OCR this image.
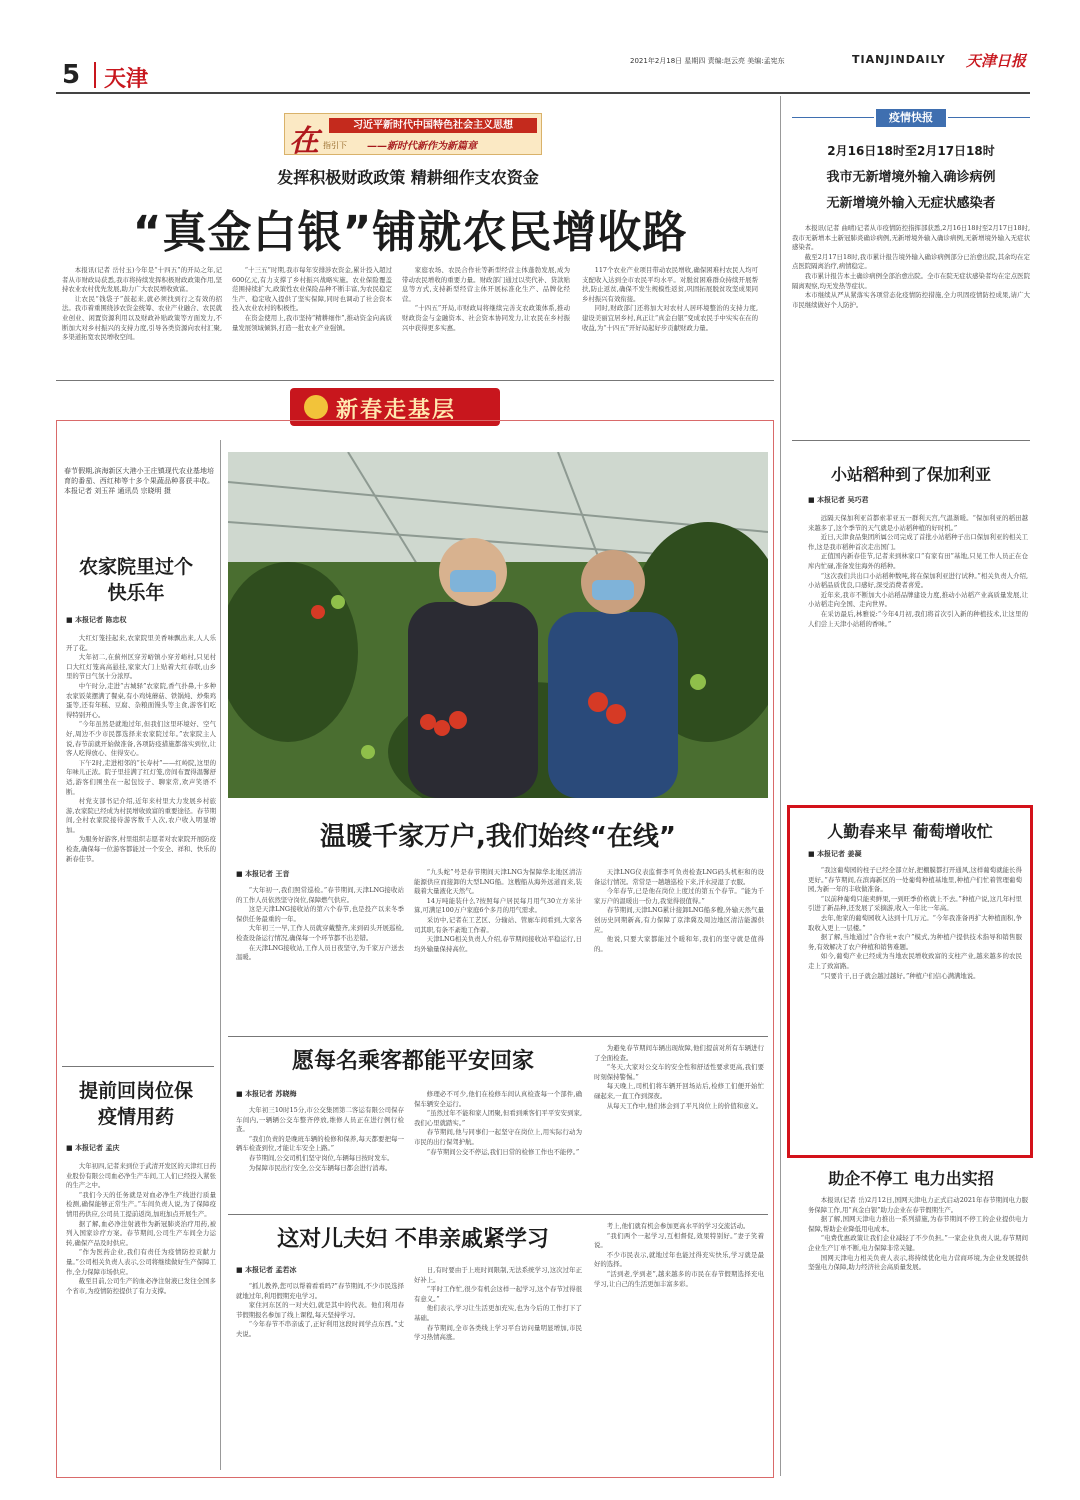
5 天津
2021年2月18日 星期四 责编:赵云亮 美编:孟宪东	TIANJINDAILY 天津日报
在 指引下
习近平新时代中国特色社会主义思想
——新时代新作为新篇章
发挥积极财政政策 精耕细作支农资金
“真金白银”铺就农民增收路

本报讯(记者 岳付玉)今年是“十四五”的开局之年,记者从市财政局获悉,我市将持续发挥积极财政政策作用,坚持农业农村优先发展,助力广大农民增收致富。

让农民“钱袋子”鼓起来,就必须找到行之有效的招法。我市着重围绕涉农资金统筹、农业产业融合、农民就业创业、闲置资源利用以及财政补贴政策等方面发力,不断加大对乡村振兴的支持力度,引导各类资源向农村汇聚,多渠道拓宽农民增收空间。

“十三五”时期,我市每年安排涉农资金,累计投入超过600亿元,有力支撑了乡村振兴战略实施。农业保险覆盖范围持续扩大,政策性农业保险品种不断丰富,为农民稳定生产、稳定收入提供了坚实保障,同时也调动了社会资本投入农业农村的积极性。

在资金使用上,我市坚持“精耕细作”,推动资金向高质量发展领域倾斜,打造一批农业产业强镇。

家庭农场、农民合作社等新型经营主体蓬勃发展,成为带动农民增收的重要力量。财政部门通过以奖代补、贷款贴息等方式,支持新型经营主体开展标准化生产、品牌化经营。

“十四五”开局,市财政局将继续完善支农政策体系,推动财政资金与金融资本、社会资本协同发力,让农民在乡村振兴中获得更多实惠。

117个农业产业项目带动农民增收,确保困难村农民人均可支配收入达到全市农民平均水平。对脱贫困难群众持续开展帮扶,防止返贫,确保不发生规模性返贫,巩固拓展脱贫攻坚成果同乡村振兴有效衔接。

同时,财政部门还将加大对农村人居环境整治的支持力度,建设美丽宜居乡村,真正让“真金白银”变成农民手中实实在在的收益,为“十四五”开好局起好步贡献财政力量。

疫情快报
2月16日18时至2月17日18时
我市无新增境外输入确诊病例
无新增境外输入无症状感染者

本报讯(记者 曲晴)记者从市疫情防控指挥部获悉,2月16日18时至2月17日18时,我市无新增本土新冠肺炎确诊病例,无新增境外输入确诊病例,无新增境外输入无症状感染者。

截至2月17日18时,我市累计报告境外输入确诊病例部分已治愈出院,其余均在定点医院隔离治疗,病情稳定。

我市累计报告本土确诊病例全部治愈出院。全市在院无症状感染者均在定点医院隔离观察,均无发热等症状。

本市继续从严从紧落实各项常态化疫情防控措施,全力巩固疫情防控成果,请广大市民继续做好个人防护。

小站稻种到了保加利亚
■ 本报记者 吴巧君

远隔天保加利亚首都索菲亚五一群利天宫,气温渐暖。“保加利亚的稻田越来越多了,这个季节的天气就是小站稻种植的好时机。”

近日,天津食品集团所属公司完成了首批小站稻种子出口保加利亚的相关工作,这是我市稻种首次走出国门。

正值国内新春佳节,记者来到林家口“有家有田”基地,只见工作人员正在仓库内忙碌,准备发往海外的稻种。

“这次我们共出口小站稻种数吨,将在保加利亚进行试种。”相关负责人介绍,小站稻品质优良,口感好,深受消费者喜爱。

近年来,我市不断加大小站稻品牌建设力度,推动小站稻产业高质量发展,让小站稻走向全国、走向世界。

在采访最后,林雅说:“今年4月初,我们将首次引入新的种植技术,让这里的人们尝上天津小站稻的香味。”

人勤春来早 葡萄增收忙
■ 本报记者 姜凝

“我这葡萄园的柱子已经全部立好,把棚膜都打开通风,这样葡萄就能长得更好。”春节期间,在滨海新区的一处葡萄种植基地里,种植户们忙着管理葡萄园,为新一年的丰收做准备。

“以前种葡萄只能卖鲜果,一到旺季价格就上不去。”种植户说,这几年村里引进了新品种,还发展了采摘游,收入一年比一年高。

去年,他家的葡萄园收入达到十几万元。“今年我准备再扩大种植面积,争取收入更上一层楼。”

据了解,当地通过“合作社+农户”模式,为种植户提供技术指导和销售服务,有效解决了农户种植和销售难题。

如今,葡萄产业已经成为当地农民增收致富的支柱产业,越来越多的农民走上了致富路。

“只要肯干,日子就会越过越好。”种植户们信心满满地说。

助企不停工 电力出实招

本报讯(记者 岳)2月12日,国网天津电力正式启动2021年春节期间电力服务保障工作,用“真金白银”助力企业在春节假期生产。

据了解,国网天津电力推出一系列措施,为春节期间不停工的企业提供电力保障,帮助企业降低用电成本。

“电费优惠政策让我们企业减轻了不少负担。”一家企业负责人说,春节期间企业生产订单不断,电力保障非常关键。

国网天津电力相关负责人表示,将持续优化电力营商环境,为企业发展提供坚强电力保障,助力经济社会高质量发展。

新春走基层
春节假期,滨海新区大港小王庄镇现代农业基地培育的番茄、西红柿等十多个果蔬品种喜获丰收。 本报记者 刘玉祥 通讯员 宗晓明 摄
农家院里过个快乐年
■ 本报记者 陈忠权

大红灯笼挂起来,农家院里美香味飘出来,人人乐开了花。

大年初二,在蓟州区穿芳峪镇小穿芳峪村,只见村口大红灯笼高高悬挂,家家大门上贴着大红春联,山乡里的节日气氛十分浓厚。

中午时分,走进“古城驿”农家院,香气扑鼻,十多种农家饭菜摆满了餐桌,有小鸡炖蘑菇、铁锅炖、炒柴鸡蛋等,还有年糕、豆腐、杂粮面馒头等主食,游客们吃得特别开心。

“今年虽然是就地过年,但我们这里环境好、空气好,周边不少市民都选择来农家院过年。”农家院主人说,春节前就开始做准备,各项防疫措施都落实到位,让客人吃得放心、住得安心。

下午2时,走进相邻的“长寿村”——红岭院,这里的年味儿正浓。院子里挂满了红灯笼,房间布置得温馨舒适,游客们围坐在一起包饺子、聊家常,欢声笑语不断。

村党支部书记介绍,近年来村里大力发展乡村旅游,农家院已经成为村民增收致富的重要途径。春节期间,全村农家院接待游客数千人次,农户收入明显增加。

为服务好游客,村里组织志愿者对农家院开展防疫检查,确保每一位游客都能过一个安全、祥和、快乐的新春佳节。

提前回岗位保疫情用药
■ 本报记者 孟庆

大年初四,记者来到位于武清开发区的天津红日药业股份有限公司血必净生产车间,工人们已经投入紧张的生产之中。

“我们今天的任务就是对血必净生产线进行质量检测,确保能够正常生产。”车间负责人说,为了保障疫情用药供应,公司员工提前返岗,加班加点开展生产。

据了解,血必净注射液作为新冠肺炎治疗用药,被列入国家诊疗方案。春节期间,公司生产车间全力运转,确保产品及时供应。

“作为医药企业,我们有责任为疫情防控贡献力量。”公司相关负责人表示,公司将继续做好生产保障工作,全力保障市场供应。

截至目前,公司生产的血必净注射液已发往全国多个省市,为疫情防控提供了有力支撑。

温暖千家万户,我们始终“在线”
■ 本报记者 王音

“大年初一,我们照常巡检。”春节期间,天津LNG接收站的工作人员依然坚守岗位,保障燃气供应。

这是天津LNG接收站的第六个春节,也是投产以来冬季保供任务最重的一年。

大年初三一早,工作人员就穿戴整齐,来到码头开展巡检,检查设备运行情况,确保每一个环节都不出差错。

在天津LNG接收站,工作人员日夜坚守,为千家万户送去温暖。

“九头蛇”号是春节期间天津LNG为保障华北地区清洁能源供应而接卸的大型LNG船。这艘船从海外远道而来,装载着大量液化天然气。

14万吨能装什么?按照每户居民每月用气30立方米计算,可满足100万户家庭6个多月的用气需求。

采访中,记者在工艺区、分输站、管廊车间看到,大家各司其职,有条不紊地工作着。

天津LNG相关负责人介绍,春节期间接收站平稳运行,日均外输量保持高位。

天津LNG仪表监督李可负责检查LNG码头机柜和的设备运行情况。常常是一趟趟巡检下来,汗水浸湿了衣服。

今年春节,已是他在岗位上度过的第五个春节。“能为千家万户的温暖出一份力,我觉得很值得。”

春节期间,天津LNG累计接卸LNG船多艘,外输天然气量创历史同期新高,有力保障了京津冀及周边地区清洁能源供应。

他说,只要大家都能过个暖和年,我们的坚守就是值得的。

愿每名乘客都能平安回家
■ 本报记者 苏晓梅

大年初三10时15分,市公交集团第二客运有限公司保存车间内,一辆辆公交车整齐停放,维修人员正在进行例行检查。

“我们负责的是晚班车辆的检修和保养,每天都要把每一辆车检查到位,才能让车安全上路。”

春节期间,公交司机们坚守岗位,车辆每日按时发车。

为保障市民出行安全,公交车辆每日都会进行消毒。

修理必不可少,他们在检修车间认真检查每一个部件,确保车辆安全运行。

“虽然过年不能和家人团聚,但看到乘客们平平安安到家,我们心里就踏实。”

春节期间,他与同事们一起坚守在岗位上,用实际行动为市民的出行保驾护航。

“春节期间公交不停运,我们日常的检修工作也不能停。”

为避免春节期间车辆出现故障,他们提前对所有车辆进行了全面检查。

“冬天,大家对公交车的安全性和舒适性要求更高,我们要时刻保持警惕。”

每天晚上,司机们将车辆开回场站后,检修工们便开始忙碌起来,一直工作到深夜。

从每天工作中,他们体会到了平凡岗位上的价值和意义。

这对儿夫妇 不串亲戚紧学习
■ 本报记者 孟若冰

“抓儿教养,您可以帮着看看吗?”春节期间,不少市民选择就地过年,利用假期充电学习。

家住河东区的一对夫妇,就是其中的代表。他们利用春节假期报名参加了线上课程,每天坚持学习。

“今年春节不串亲戚了,正好利用这段时间学点东西。”丈夫说。

日,有时要由于上班时间限制,无法系统学习,这次过年正好补上。

“平时工作忙,很少有机会这样一起学习,这个春节过得很有意义。”

他们表示,学习让生活更加充实,也为今后的工作打下了基础。

春节期间,全市各类线上学习平台访问量明显增加,市民学习热情高涨。

考上,他们就有机会参加更高水平的学习交流活动。

“我们两个一起学习,互相督促,效果特别好。”妻子笑着说。

不少市民表示,就地过年也能过得充实快乐,学习就是最好的选择。

“活到老,学到老”,越来越多的市民在春节假期选择充电学习,让自己的生活更加丰富多彩。
